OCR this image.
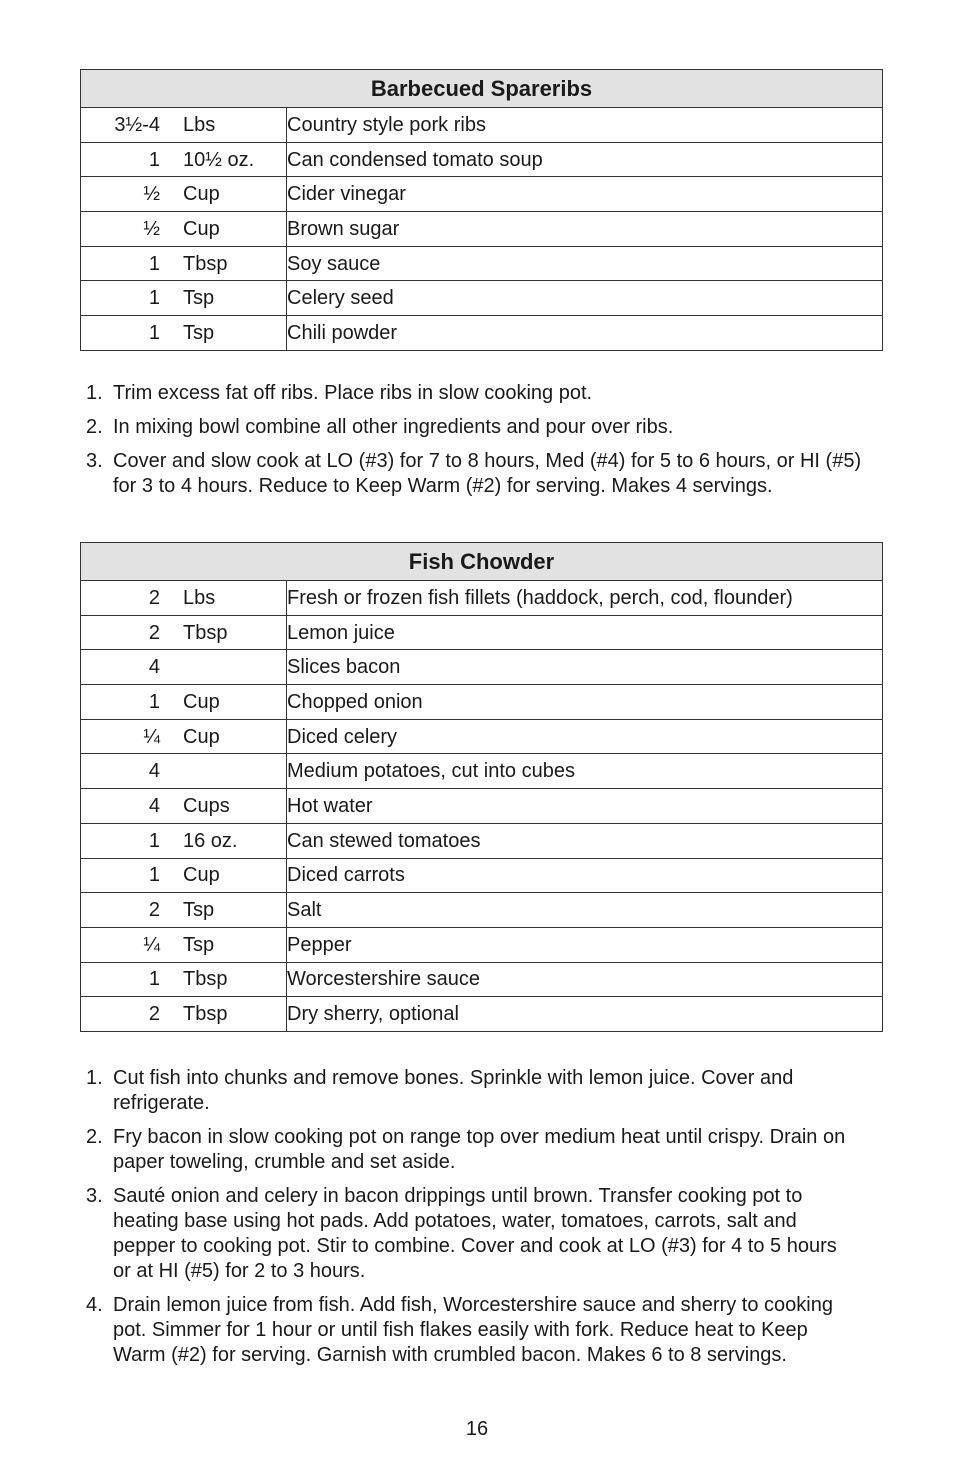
Barbecued Spareribs	

3½-4 Lbs	Country style pork ribs

1 10½ oz.	Can condensed tomato soup

½ Cup	Cider vinegar

½ Cup	Brown sugar

1 Tbsp	Soy sauce

1 Tsp	Celery seed

1 Tsp	Chili powder
1. Trim excess fat off ribs. Place ribs in slow cooking pot.
2. In mixing bowl combine all other ingredients and pour over ribs.
3. Cover and slow cook at LO (#3) for 7 to 8 hours, Med (#4) for 5 to 6 hours, or HI (#5) for 3 to 4 hours. Reduce to Keep Warm (#2) for serving. Makes 4 servings.
Fish Chowder	

2 Lbs	Fresh or frozen fish fillets (haddock, perch, cod, flounder)

2 Tbsp	Lemon juice

4	Slices bacon

1 Cup	Chopped onion

¼ Cup	Diced celery

4	Medium potatoes, cut into cubes

4 Cups	Hot water

1 16 oz.	Can stewed tomatoes

1 Cup	Diced carrots

2 Tsp	Salt

¼ Tsp	Pepper

1 Tbsp	Worcestershire sauce

2 Tbsp	Dry sherry, optional
1. Cut fish into chunks and remove bones. Sprinkle with lemon juice. Cover and refrigerate.
2. Fry bacon in slow cooking pot on range top over medium heat until crispy. Drain on paper toweling, crumble and set aside.
3. Sauté onion and celery in bacon drippings until brown. Transfer cooking pot to heating base using hot pads. Add potatoes, water, tomatoes, carrots, salt and pepper to cooking pot. Stir to combine. Cover and cook at LO (#3) for 4 to 5 hours or at HI (#5) for 2 to 3 hours.
4. Drain lemon juice from fish. Add fish, Worcestershire sauce and sherry to cooking pot. Simmer for 1 hour or until fish flakes easily with fork. Reduce heat to Keep Warm (#2) for serving. Garnish with crumbled bacon. Makes 6 to 8 servings.
16
